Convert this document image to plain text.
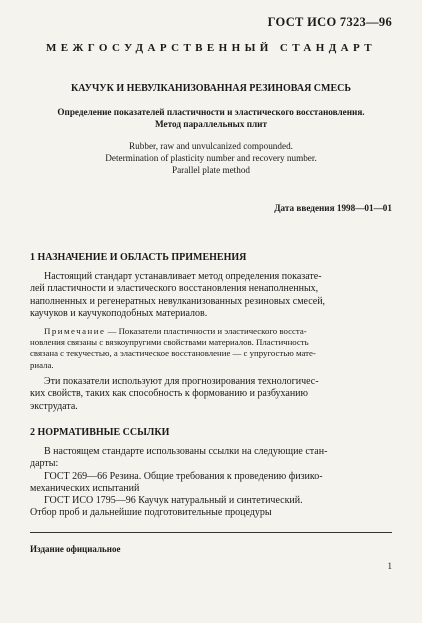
ГОСТ ИСО 7323—96
МЕЖГОСУДАРСТВЕННЫЙ СТАНДАРТ
КАУЧУК И НЕВУЛКАНИЗОВАННАЯ РЕЗИНОВАЯ СМЕСЬ
Определение показателей пластичности и эластического восстановления.
Метод параллельных плит
Rubber, raw and unvulcanized compounded.
Determination of plasticity number and recovery number.
Parallel plate method
Дата введения 1998—01—01
1 НАЗНАЧЕНИЕ И ОБЛАСТЬ ПРИМЕНЕНИЯ
Настоящий стандарт устанавливает метод определения показате-
лей пластичности и эластического восстановления ненаполненных,
наполненных и регенератных невулканизованных резиновых смесей,
каучуков и каучукоподобных материалов.
Примечание — Показатели пластичности и эластического восста-
новления связаны с вязкоупругими свойствами материалов. Пластичность
связана с текучестью, а эластическое восстановление — с упругостью мате-
риала.
Эти показатели используют для прогнозирования технологичес-
ких свойств, таких как способность к формованию и разбуханию
экструдата.
2 НОРМАТИВНЫЕ ССЫЛКИ
В настоящем стандарте использованы ссылки на следующие стан-
дарты:
ГОСТ 269—66 Резина. Общие требования к проведению физико-
механических испытаний
ГОСТ ИСО 1795—96 Каучук натуральный и синтетический.
Отбор проб и дальнейшие подготовительные процедуры
Издание официальное
1
